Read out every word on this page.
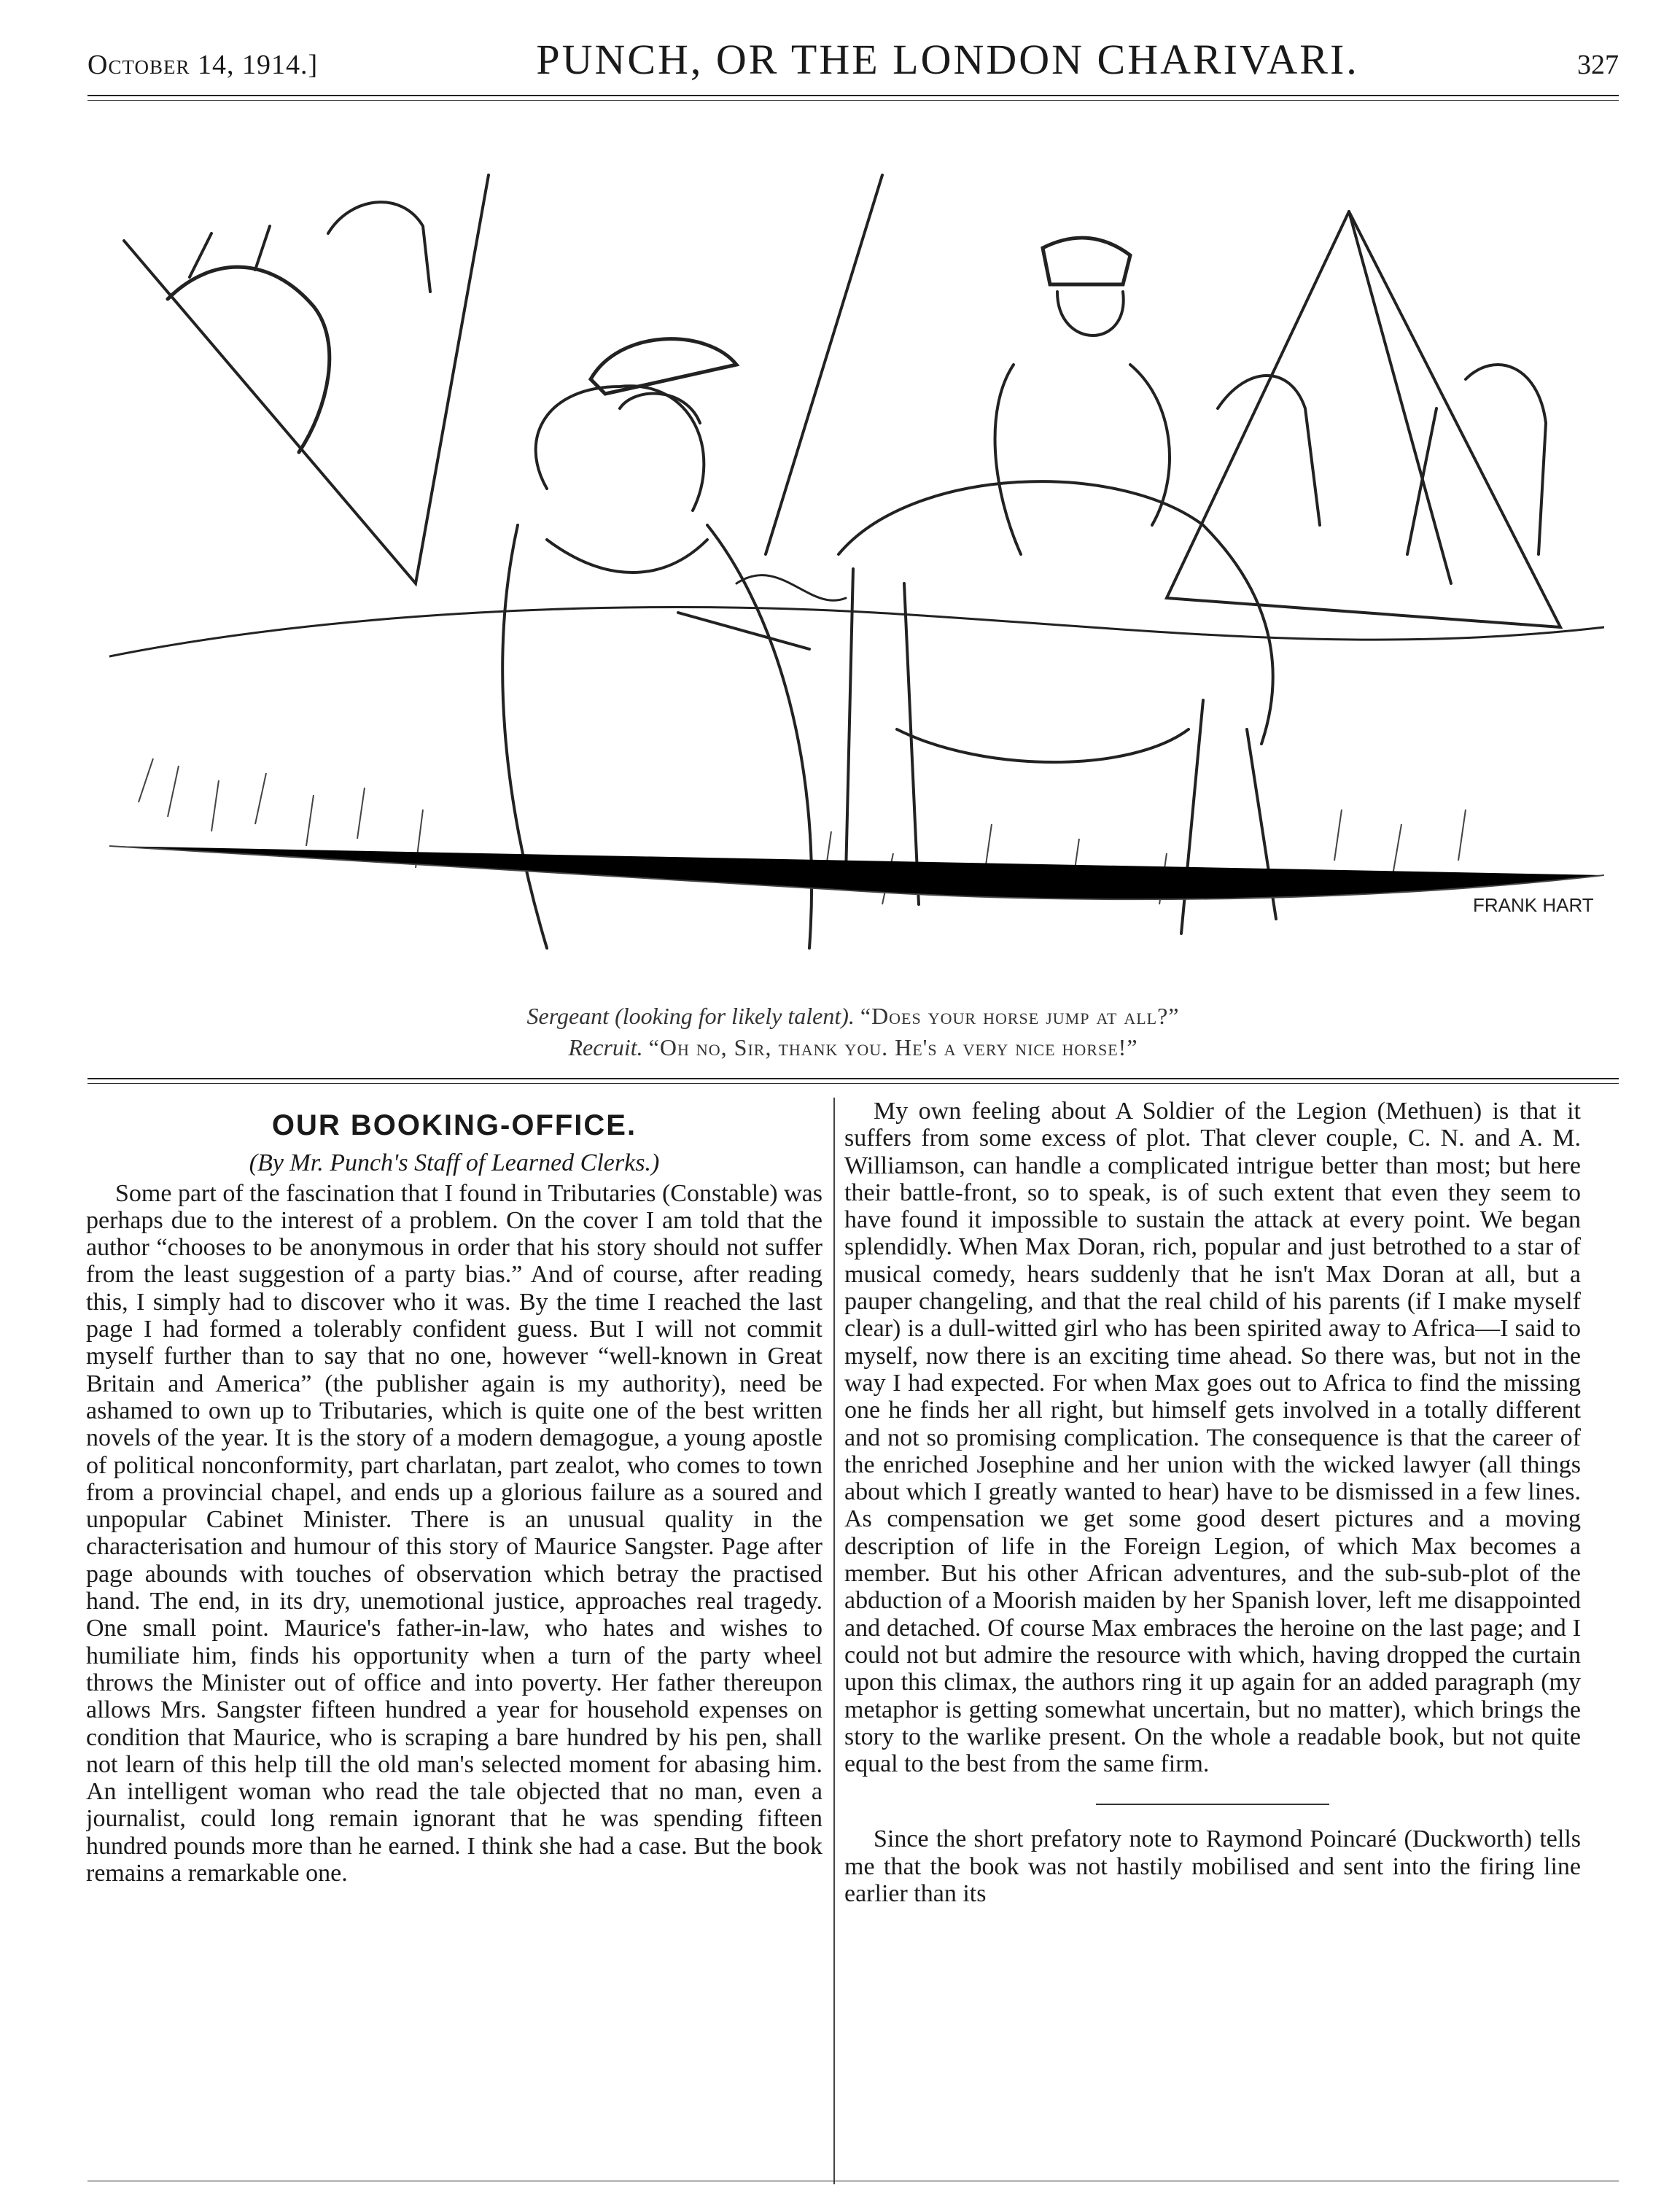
October 14, 1914.]	PUNCH, OR THE LONDON CHARIVARI.	327
FRANK HART
Sergeant (looking for likely talent). “Does your horse jump at all?”
Recruit. “Oh no, Sir, thank you. He's a very nice horse!”
OUR BOOKING-OFFICE.
(By Mr. Punch's Staff of Learned Clerks.)

Some part of the fascination that I found in Tributaries (Constable) was perhaps due to the interest of a problem. On the cover I am told that the author “chooses to be anonymous in order that his story should not suffer from the least suggestion of a party bias.” And of course, after reading this, I simply had to discover who it was. By the time I reached the last page I had formed a tolerably confident guess. But I will not commit myself further than to say that no one, however “well-known in Great Britain and America” (the publisher again is my authority), need be ashamed to own up to Tributaries, which is quite one of the best written novels of the year. It is the story of a modern demagogue, a young apostle of political nonconformity, part charlatan, part zealot, who comes to town from a provincial chapel, and ends up a glorious failure as a soured and unpopular Cabinet Minister. There is an unusual quality in the characterisation and humour of this story of Maurice Sangster. Page after page abounds with touches of observation which betray the practised hand. The end, in its dry, unemotional justice, approaches real tragedy. One small point. Maurice's father-in-law, who hates and wishes to humiliate him, finds his opportunity when a turn of the party wheel throws the Minister out of office and into poverty. Her father thereupon allows Mrs. Sangster fifteen hundred a year for household expenses on condition that Maurice, who is scraping a bare hundred by his pen, shall not learn of this help till the old man's selected moment for abasing him. An intelligent woman who read the tale objected that no man, even a journalist, could long remain ignorant that he was spending fifteen hundred pounds more than he earned. I think she had a case. But the book remains a remarkable one.

My own feeling about A Soldier of the Legion (Methuen) is that it suffers from some excess of plot. That clever couple, C. N. and A. M. Williamson, can handle a complicated intrigue better than most; but here their battle-front, so to speak, is of such extent that even they seem to have found it impossible to sustain the attack at every point. We began splendidly. When Max Doran, rich, popular and just betrothed to a star of musical comedy, hears suddenly that he isn't Max Doran at all, but a pauper changeling, and that the real child of his parents (if I make myself clear) is a dull-witted girl who has been spirited away to Africa—I said to myself, now there is an exciting time ahead. So there was, but not in the way I had expected. For when Max goes out to Africa to find the missing one he finds her all right, but himself gets involved in a totally different and not so promising complication. The consequence is that the career of the enriched Josephine and her union with the wicked lawyer (all things about which I greatly wanted to hear) have to be dismissed in a few lines. As compensation we get some good desert pictures and a moving description of life in the Foreign Legion, of which Max becomes a member. But his other African adventures, and the sub-sub-plot of the abduction of a Moorish maiden by her Spanish lover, left me disappointed and detached. Of course Max embraces the heroine on the last page; and I could not but admire the resource with which, having dropped the curtain upon this climax, the authors ring it up again for an added paragraph (my metaphor is getting somewhat uncertain, but no matter), which brings the story to the warlike present. On the whole a readable book, but not quite equal to the best from the same firm.

Since the short prefatory note to Raymond Poincaré (Duckworth) tells me that the book was not hastily mobilised and sent into the firing line earlier than its
